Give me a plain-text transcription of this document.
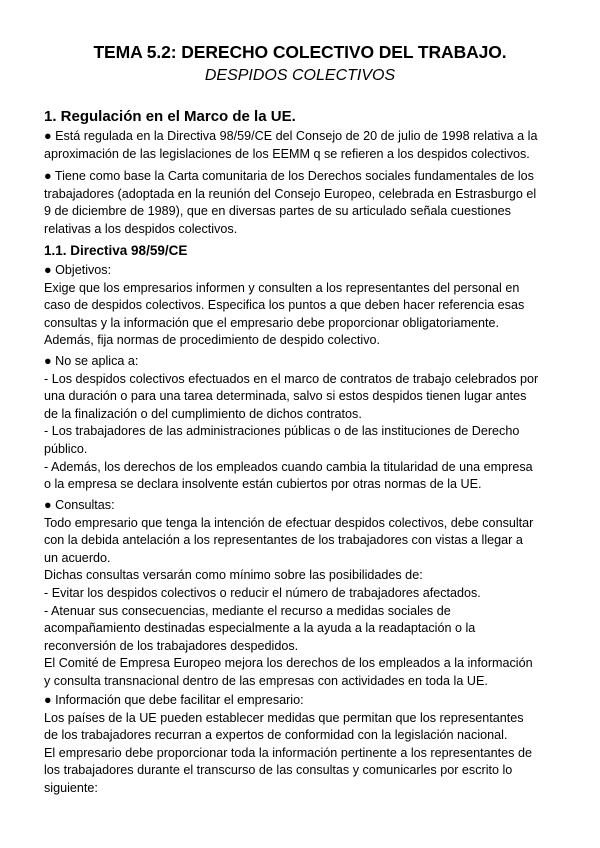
TEMA 5.2: DERECHO COLECTIVO DEL TRABAJO.
DESPIDOS COLECTIVOS
1. Regulación en el Marco de la UE.
1.1. Directiva 98/59/CE
● Está regulada en la Directiva 98/59/CE del Consejo de 20 de julio de 1998 relativa a la
aproximación de las legislaciones de los EEMM q se refieren a los despidos colectivos.
● Tiene como base la Carta comunitaria de los Derechos sociales fundamentales de los
trabajadores (adoptada en la reunión del Consejo Europeo, celebrada en Estrasburgo el
9 de diciembre de 1989), que en diversas partes de su articulado señala cuestiones
relativas a los despidos colectivos.
● Objetivos:
Exige que los empresarios informen y consulten a los representantes del personal en
caso de despidos colectivos. Especifica los puntos a que deben hacer referencia esas
consultas y la información que el empresario debe proporcionar obligatoriamente.
Además, fija normas de procedimiento de despido colectivo.
● No se aplica a:
- Los despidos colectivos efectuados en el marco de contratos de trabajo celebrados por
una duración o para una tarea determinada, salvo si estos despidos tienen lugar antes
de la finalización o del cumplimiento de dichos contratos.
- Los trabajadores de las administraciones públicas o de las instituciones de Derecho
público.
- Además, los derechos de los empleados cuando cambia la titularidad de una empresa
o la empresa se declara insolvente están cubiertos por otras normas de la UE.
● Consultas:
Todo empresario que tenga la intención de efectuar despidos colectivos, debe consultar
con la debida antelación a los representantes de los trabajadores con vistas a llegar a
un acuerdo.
Dichas consultas versarán como mínimo sobre las posibilidades de:
- Evitar los despidos colectivos o reducir el número de trabajadores afectados.
- Atenuar sus consecuencias, mediante el recurso a medidas sociales de
acompañamiento destinadas especialmente a la ayuda a la readaptación o la
reconversión de los trabajadores despedidos.
El Comité de Empresa Europeo mejora los derechos de los empleados a la información
y consulta transnacional dentro de las empresas con actividades en toda la UE.
● Información que debe facilitar el empresario:
Los países de la UE pueden establecer medidas que permitan que los representantes
de los trabajadores recurran a expertos de conformidad con la legislación nacional.
El empresario debe proporcionar toda la información pertinente a los representantes de
los trabajadores durante el transcurso de las consultas y comunicarles por escrito lo
siguiente:
